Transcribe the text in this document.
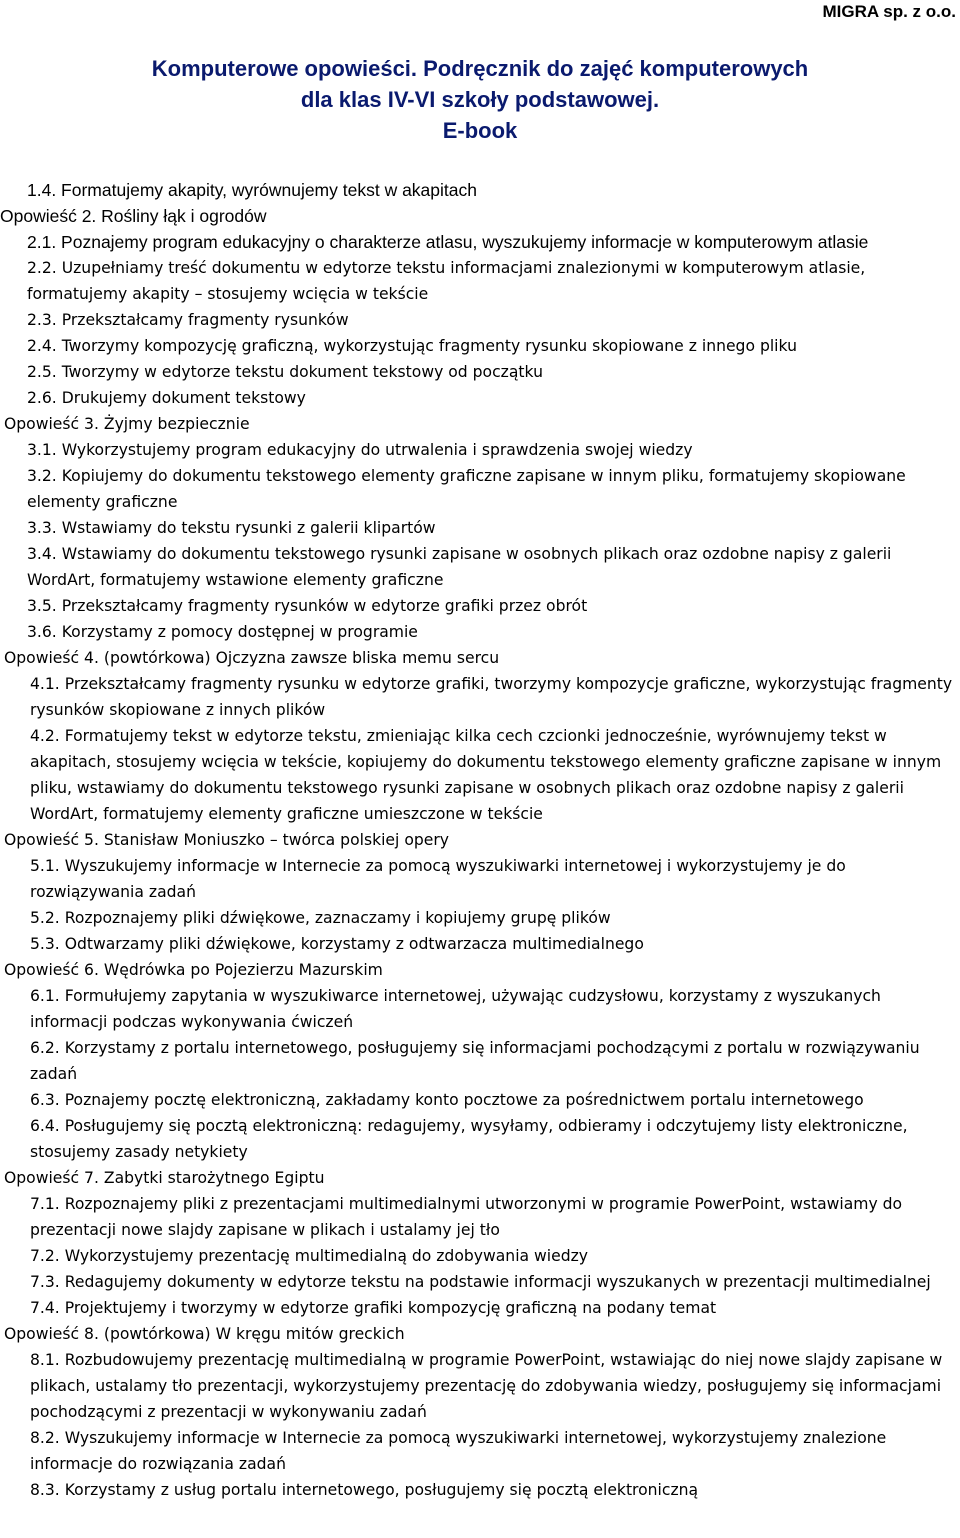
MIGRA sp. z o.o.
Komputerowe opowieści. Podręcznik do zajęć komputerowych
dla klas IV-VI szkoły podstawowej.
E-book

1.4. Formatujemy akapity, wyrównujemy tekst w akapitach

Opowieść 2. Rośliny łąk i ogrodów

2.1. Poznajemy program edukacyjny o charakterze atlasu, wyszukujemy informacje w komputerowym atlasie

2.2. Uzupełniamy treść dokumentu w edytorze tekstu informacjami znalezionymi w komputerowym atlasie, formatujemy akapity – stosujemy wcięcia w tekście

2.3. Przekształcamy fragmenty rysunków

2.4. Tworzymy kompozycję graficzną, wykorzystując fragmenty rysunku skopiowane z innego pliku

2.5. Tworzymy w edytorze tekstu dokument tekstowy od początku

2.6. Drukujemy dokument tekstowy

Opowieść 3. Żyjmy bezpiecznie

3.1. Wykorzystujemy program edukacyjny do utrwalenia i sprawdzenia swojej wiedzy

3.2. Kopiujemy do dokumentu tekstowego elementy graficzne zapisane w innym pliku, formatujemy skopiowane elementy graficzne

3.3. Wstawiamy do tekstu rysunki z galerii klipartów

3.4. Wstawiamy do dokumentu tekstowego rysunki zapisane w osobnych plikach oraz ozdobne napisy z galerii WordArt, formatujemy wstawione elementy graficzne

3.5. Przekształcamy fragmenty rysunków w edytorze grafiki przez obrót

3.6. Korzystamy z pomocy dostępnej w programie

Opowieść 4. (powtórkowa) Ojczyzna zawsze bliska memu sercu

4.1. Przekształcamy fragmenty rysunku w edytorze grafiki, tworzymy kompozycje graficzne, wykorzystując fragmenty rysunków skopiowane z innych plików

4.2. Formatujemy tekst w edytorze tekstu, zmieniając kilka cech czcionki jednocześnie, wyrównujemy tekst w akapitach, stosujemy wcięcia w tekście, kopiujemy do dokumentu tekstowego elementy graficzne zapisane w innym pliku, wstawiamy do dokumentu tekstowego rysunki zapisane w osobnych plikach oraz ozdobne napisy z galerii WordArt, formatujemy elementy graficzne umieszczone w tekście

Opowieść 5. Stanisław Moniuszko – twórca polskiej opery

5.1. Wyszukujemy informacje w Internecie za pomocą wyszukiwarki internetowej i wykorzystujemy je do rozwiązywania zadań

5.2. Rozpoznajemy pliki dźwiękowe, zaznaczamy i kopiujemy grupę plików

5.3. Odtwarzamy pliki dźwiękowe, korzystamy z odtwarzacza multimedialnego

Opowieść 6. Wędrówka po Pojezierzu Mazurskim

6.1. Formułujemy zapytania w wyszukiwarce internetowej, używając cudzysłowu, korzystamy z wyszukanych informacji podczas wykonywania ćwiczeń

6.2. Korzystamy z portalu internetowego, posługujemy się informacjami pochodzącymi z portalu w rozwiązywaniu zadań

6.3. Poznajemy pocztę elektroniczną, zakładamy konto pocztowe za pośrednictwem portalu internetowego

6.4. Posługujemy się pocztą elektroniczną: redagujemy, wysyłamy, odbieramy i odczytujemy listy elektroniczne, stosujemy zasady netykiety

Opowieść 7. Zabytki starożytnego Egiptu

7.1. Rozpoznajemy pliki z prezentacjami multimedialnymi utworzonymi w programie PowerPoint, wstawiamy do prezentacji nowe slajdy zapisane w plikach i ustalamy jej tło

7.2. Wykorzystujemy prezentację multimedialną do zdobywania wiedzy

7.3. Redagujemy dokumenty w edytorze tekstu na podstawie informacji wyszukanych w prezentacji multimedialnej

7.4. Projektujemy i tworzymy w edytorze grafiki kompozycję graficzną na podany temat

Opowieść 8. (powtórkowa) W kręgu mitów greckich

8.1. Rozbudowujemy prezentację multimedialną w programie PowerPoint, wstawiając do niej nowe slajdy zapisane w plikach, ustalamy tło prezentacji, wykorzystujemy prezentację do zdobywania wiedzy, posługujemy się informacjami pochodzącymi z prezentacji w wykonywaniu zadań

8.2. Wyszukujemy informacje w Internecie za pomocą wyszukiwarki internetowej, wykorzystujemy znalezione informacje do rozwiązania zadań

8.3. Korzystamy z usług portalu internetowego, posługujemy się pocztą elektroniczną
